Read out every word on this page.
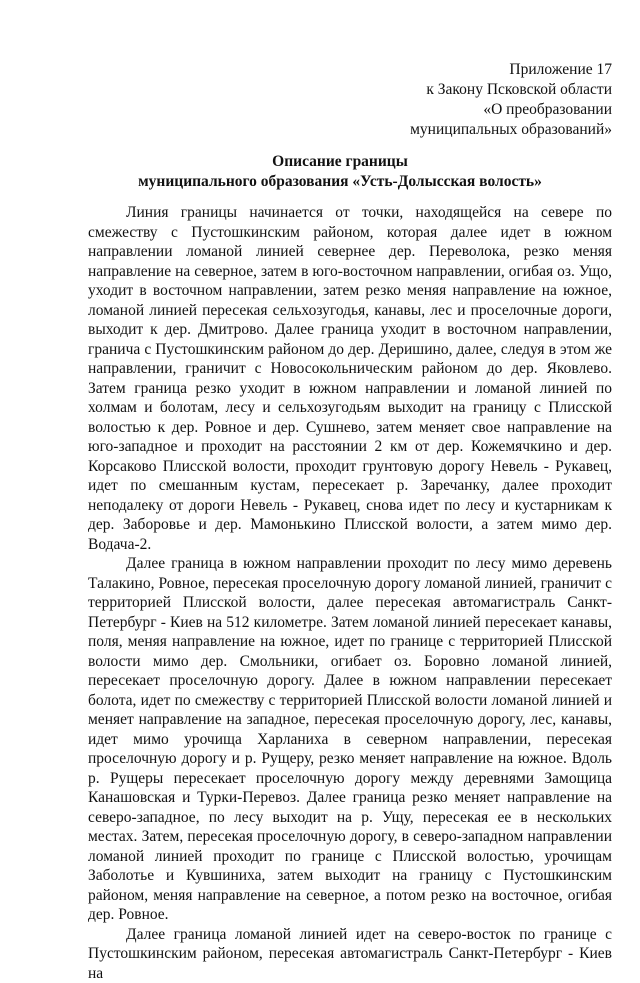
Приложение 17
к Закону Псковской области
«О преобразовании
муниципальных образований»
Описание границы
муниципального образования «Усть-Долысская волость»

Линия границы начинается от точки, находящейся на севере по смежеству с Пустошкинским районом, которая далее идет в южном направлении ломаной линией севернее дер. Переволока, резко меняя направление на северное, затем в юго-восточном направлении, огибая оз. Ущо, уходит в восточном направлении, затем резко меняя направление на южное, ломаной линией пересекая сельхозугодья, канавы, лес и проселочные дороги, выходит к дер. Дмитрово. Далее граница уходит в восточном направлении, гранича с Пустошкинским районом до дер. Деришино, далее, следуя в этом же направлении, граничит с Новосокольническим районом до дер. Яковлево. Затем граница резко уходит в южном направлении и ломаной линией по холмам и болотам, лесу и сельхозугодьям выходит на границу с Плисской волостью к дер. Ровное и дер. Сушнево, затем меняет свое направление на юго-западное и проходит на расстоянии 2 км от дер. Кожемячкино и дер. Корсаково Плисской волости, проходит грунтовую дорогу Невель - Рукавец, идет по смешанным кустам, пересекает р. Заречанку, далее проходит неподалеку от дороги Невель - Рукавец, снова идет по лесу и кустарникам к дер. Заборовье и дер. Мамонькино Плисской волости, а затем мимо дер. Водача-2.

Далее граница в южном направлении проходит по лесу мимо деревень Талакино, Ровное, пересекая проселочную дорогу ломаной линией, граничит с территорией Плисской волости, далее пересекая автомагистраль Санкт-Петербург - Киев на 512 километре. Затем ломаной линией пересекает канавы, поля, меняя направление на южное, идет по границе с территорией Плисской волости мимо дер. Смольники, огибает оз. Боровно ломаной линией, пересекает проселочную дорогу. Далее в южном направлении пересекает болота, идет по смежеству с территорией Плисской волости ломаной линией и меняет направление на западное, пересекая проселочную дорогу, лес, канавы, идет мимо урочища Харланиха в северном направлении, пересекая проселочную дорогу и р. Рущеру, резко меняет направление на южное. Вдоль р. Рущеры пересекает проселочную дорогу между деревнями Замощица Канашовская и Турки-Перевоз. Далее граница резко меняет направление на северо-западное, по лесу выходит на р. Ущу, пересекая ее в нескольких местах. Затем, пересекая проселочную дорогу, в северо-западном направлении ломаной линией проходит по границе с Плисской волостью, урочищам Заболотье и Кувшиниха, затем выходит на границу с Пустошкинским районом, меняя направление на северное, а потом резко на восточное, огибая дер. Ровное.

Далее граница ломаной линией идет на северо-восток по границе с Пустошкинским районом, пересекая автомагистраль Санкт-Петербург - Киев на
